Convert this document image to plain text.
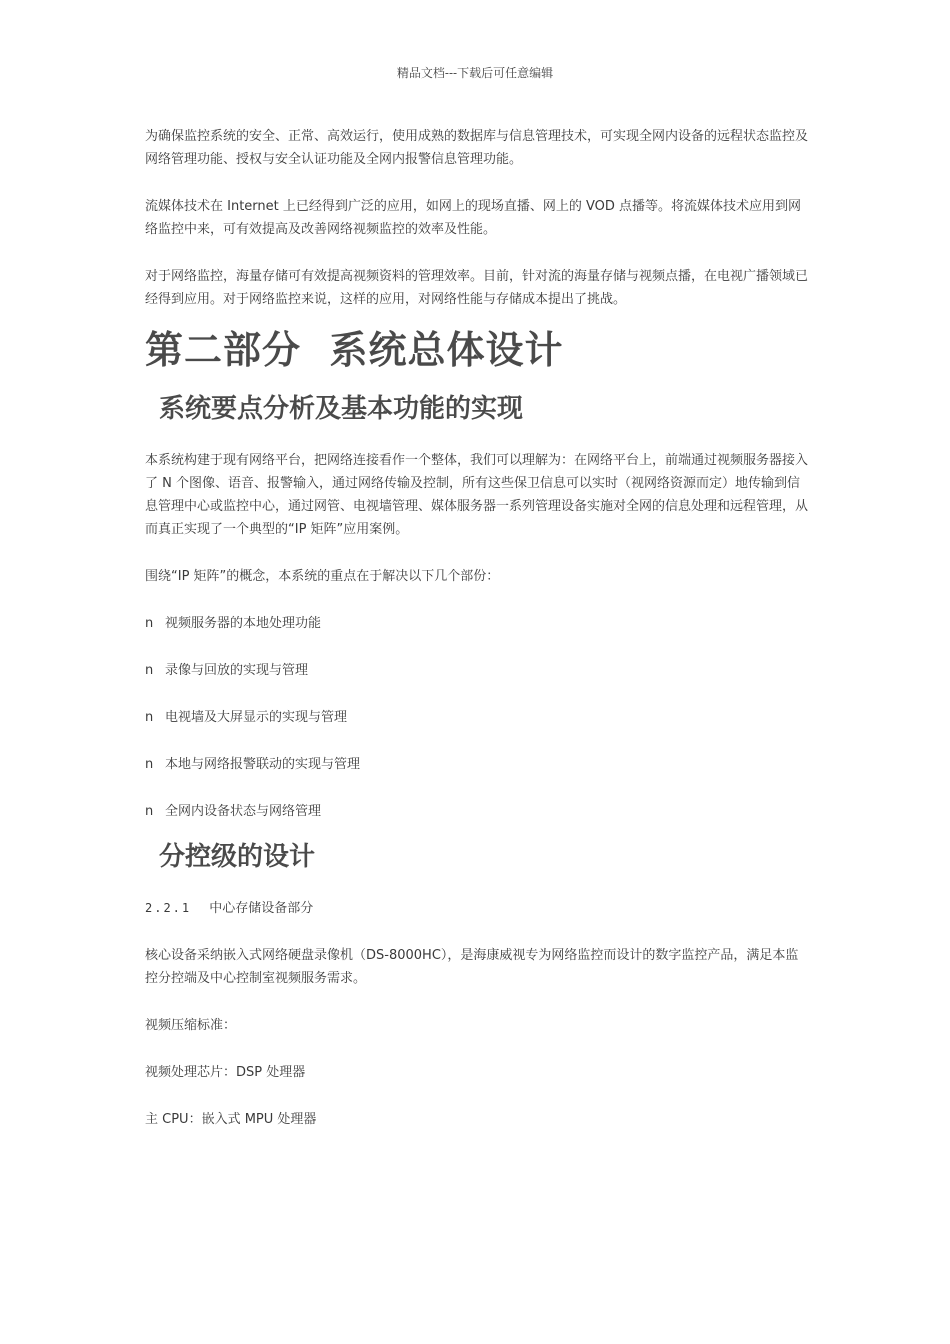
精品文档---下载后可任意编辑

为确保监控系统的安全、正常、高效运行，使用成熟的数据库与信息管理技术，可实现全网内设备的远程状态监控及网络管理功能、授权与安全认证功能及全网内报警信息管理功能。

流媒体技术在 Internet 上已经得到广泛的应用，如网上的现场直播、网上的 VOD 点播等。将流媒体技术应用到网络监控中来，可有效提高及改善网络视频监控的效率及性能。

对于网络监控，海量存储可有效提高视频资料的管理效率。目前，针对流的海量存储与视频点播，在电视广播领域已经得到应用。对于网络监控来说，这样的应用，对网络性能与存储成本提出了挑战。

第二部分  系统总体设计
系统要点分析及基本功能的实现

本系统构建于现有网络平台，把网络连接看作一个整体，我们可以理解为：在网络平台上，前端通过视频服务器接入了 N 个图像、语音、报警输入，通过网络传输及控制，所有这些保卫信息可以实时（视网络资源而定）地传输到信息管理中心或监控中心，通过网管、电视墙管理、媒体服务器一系列管理设备实施对全网的信息处理和远程管理，从而真正实现了一个典型的“IP 矩阵”应用案例。

围绕“IP 矩阵”的概念，本系统的重点在于解决以下几个部份：

n 视频服务器的本地处理功能
n 录像与回放的实现与管理
n 电视墙及大屏显示的实现与管理
n 本地与网络报警联动的实现与管理
n 全网内设备状态与网络管理
分控级的设计
2.2.1 中心存储设备部分

核心设备采纳嵌入式网络硬盘录像机（DS-8000HC），是海康威视专为网络监控而设计的数字监控产品，满足本监控分控端及中心控制室视频服务需求。

视频压缩标准：

视频处理芯片：DSP 处理器

主 CPU：嵌入式 MPU 处理器
